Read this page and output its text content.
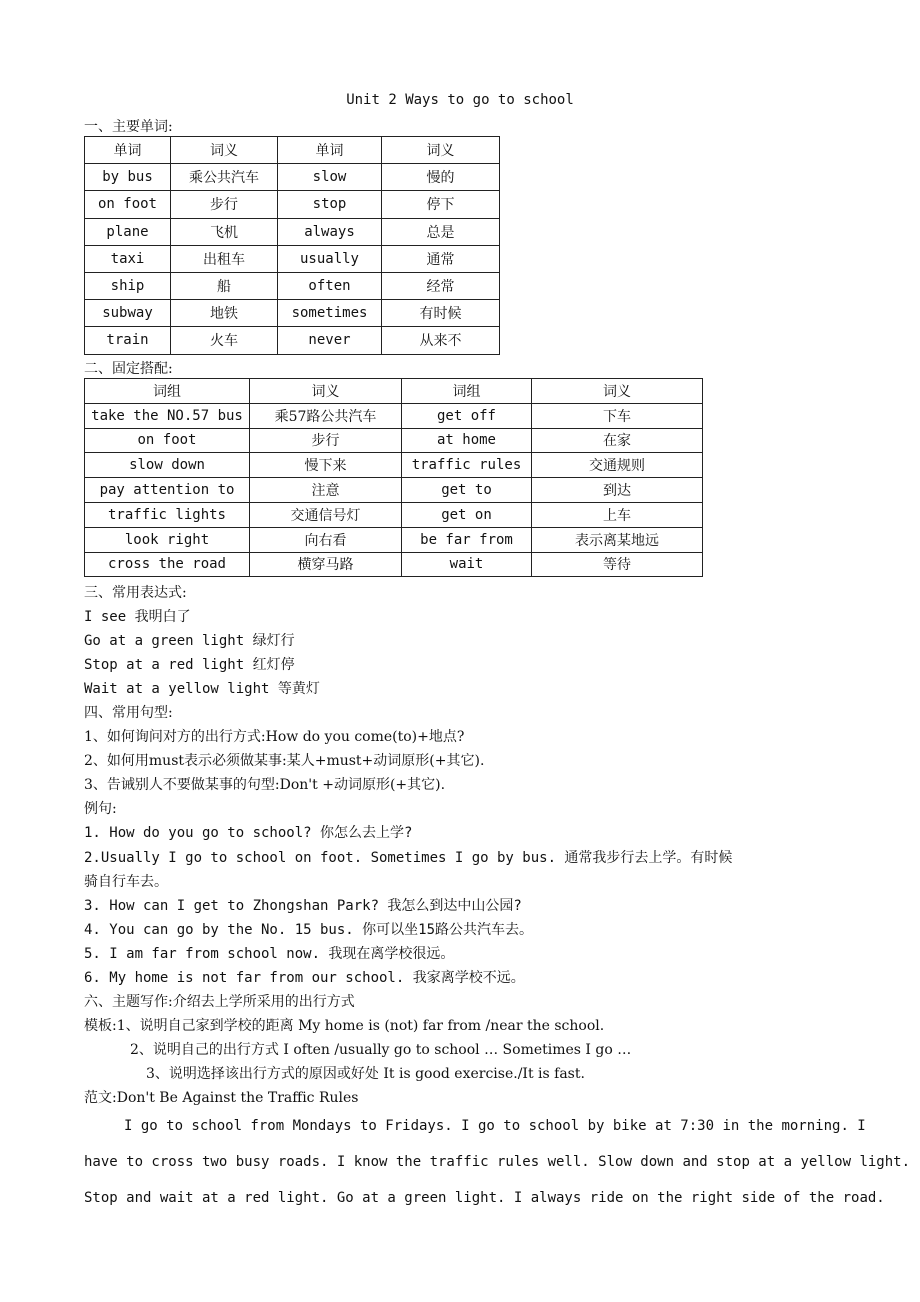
Unit 2 Ways to go to school
一、主要单词:
单词	词义	单词	词义
by bus	乘公共汽车	slow	慢的
on foot	步行	stop	停下
plane	飞机	always	总是
taxi	出租车	usually	通常
ship	船	often	经常
subway	地铁	sometimes	有时候
train	火车	never	从来不
二、固定搭配:
词组	词义	词组	词义
take the NO.57 bus	乘57路公共汽车	get off	下车
on foot	步行	at home	在家
slow down	慢下来	traffic rules	交通规则
pay attention to	注意	get to	到达
traffic lights	交通信号灯	get on	上车
look right	向右看	be far from	表示离某地远
cross the road	横穿马路	wait	等待
三、常用表达式:
I see 我明白了
Go at a green light 绿灯行
Stop at a red light 红灯停
Wait at a yellow light 等黄灯
四、常用句型:
1、如何询问对方的出行方式:How do you come(to)+地点?
2、如何用must表示必须做某事:某人+must+动词原形(+其它).
3、告诫别人不要做某事的句型:Don't +动词原形(+其它).
例句:
1. How do you go to school? 你怎么去上学?
2.Usually I go to school on foot. Sometimes I go by bus. 通常我步行去上学。有时候
骑自行车去。
3. How can I get to Zhongshan Park? 我怎么到达中山公园?
4. You can go by the No. 15 bus. 你可以坐15路公共汽车去。
5. I am far from school now. 我现在离学校很远。
6. My home is not far from our school. 我家离学校不远。
六、主题写作:介绍去上学所采用的出行方式
模板:1、说明自己家到学校的距离 My home is (not) far from /near the school.
2、说明自己的出行方式 I often /usually go to school … Sometimes I go …
3、说明选择该出行方式的原因或好处 It is good exercise./It is fast.
范文:Don't Be Against the Traffic Rules
I go to school from Mondays to Fridays. I go to school by bike at 7:30 in the morning. I
have to cross two busy roads. I know the traffic rules well. Slow down and stop at a yellow light.
Stop and wait at a red light. Go at a green light. I always ride on the right side of the road.
